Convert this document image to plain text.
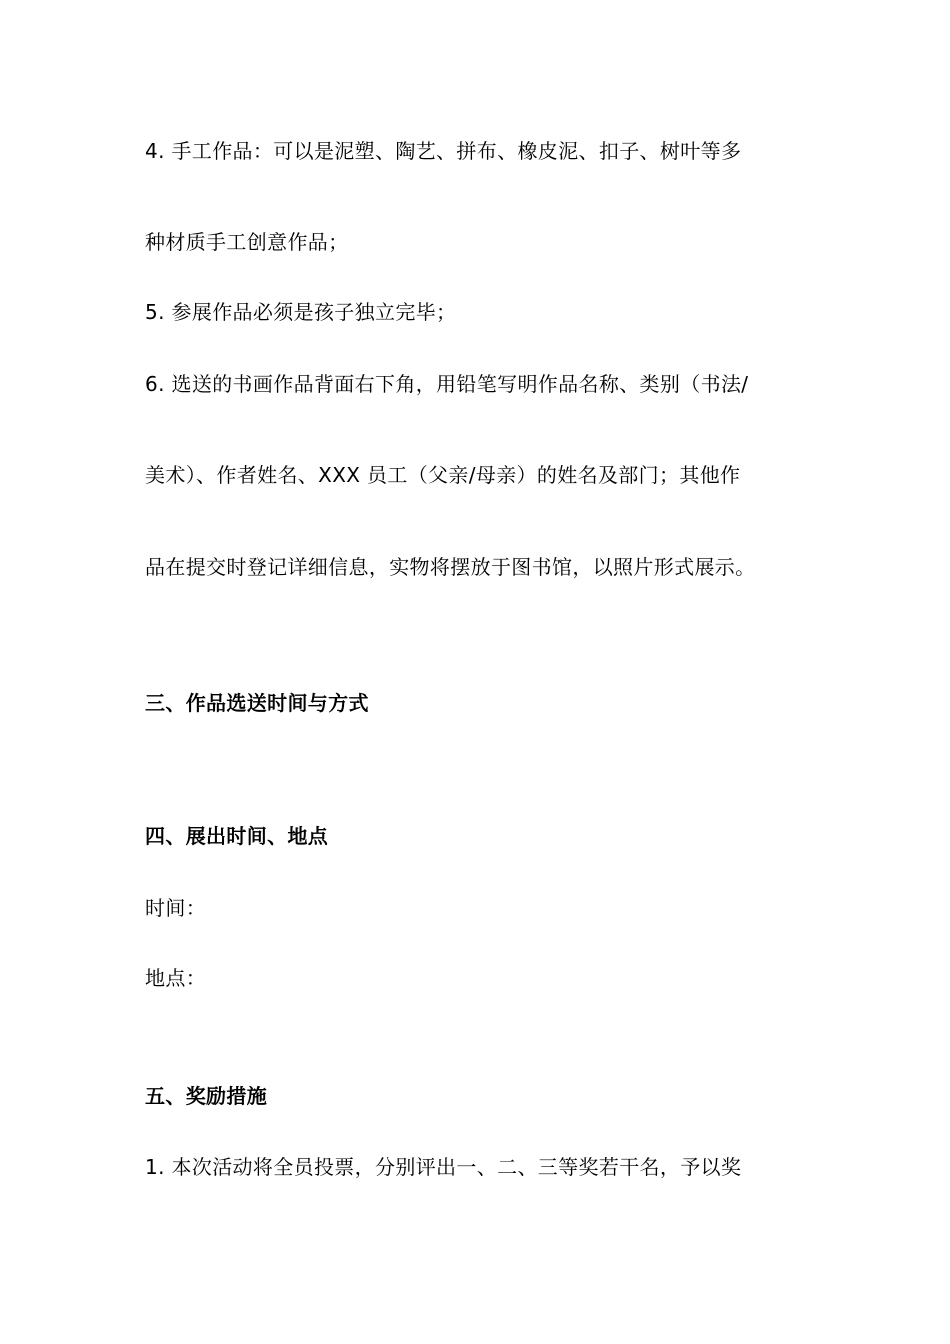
4. 手工作品：可以是泥塑、陶艺、拼布、橡皮泥、扣子、树叶等多
种材质手工创意作品；
5. 参展作品必须是孩子独立完毕；
6. 选送的书画作品背面右下角，用铅笔写明作品名称、类别（书法/
美术）、作者姓名、XXX 员工（父亲/母亲）的姓名及部门；其他作
品在提交时登记详细信息，实物将摆放于图书馆，以照片形式展示。
三、作品选送时间与方式
四、展出时间、地点
时间：
地点：
五、奖励措施
1. 本次活动将全员投票，分别评出一、二、三等奖若干名，予以奖
